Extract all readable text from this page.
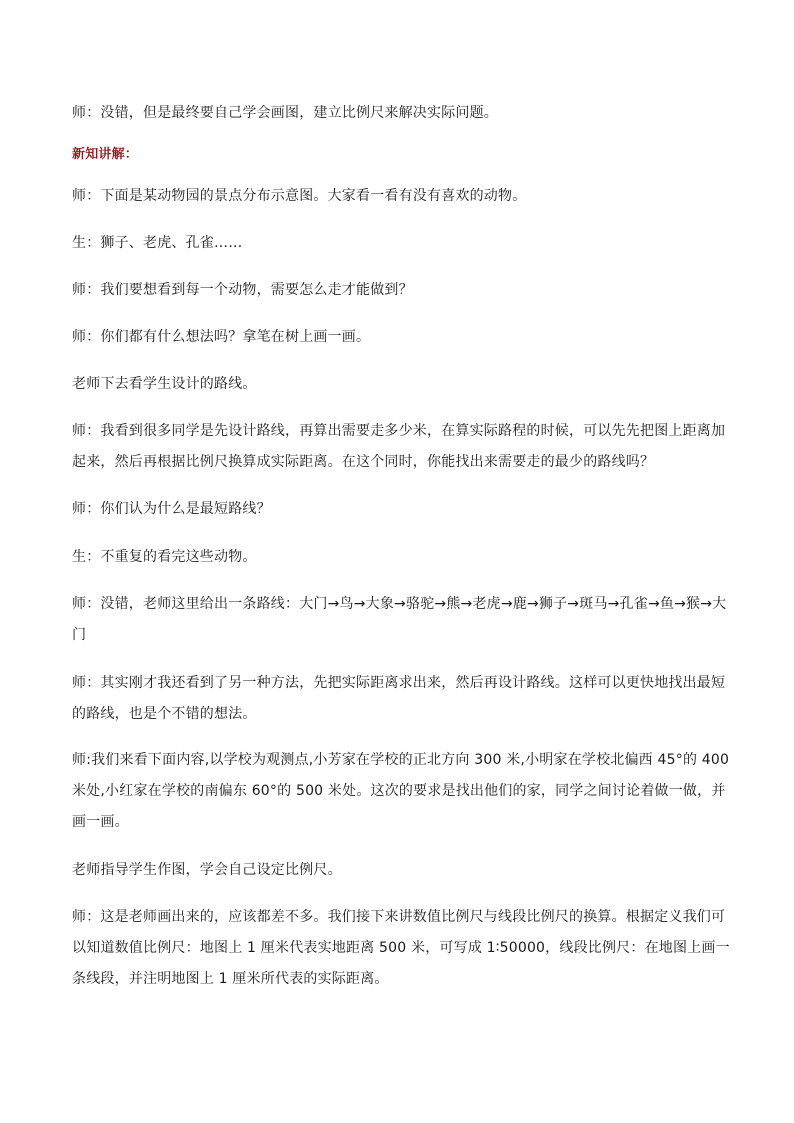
师：没错，但是最终要自己学会画图，建立比例尺来解决实际问题。

新知讲解：

师：下面是某动物园的景点分布示意图。大家看一看有没有喜欢的动物。

生：狮子、老虎、孔雀……

师：我们要想看到每一个动物，需要怎么走才能做到？

师：你们都有什么想法吗？拿笔在树上画一画。

老师下去看学生设计的路线。

师：我看到很多同学是先设计路线，再算出需要走多少米，在算实际路程的时候，可以先先把图上距离加起来，然后再根据比例尺换算成实际距离。在这个同时，你能找出来需要走的最少的路线吗？

师：你们认为什么是最短路线？

生：不重复的看完这些动物。

师：没错，老师这里给出一条路线：大门→鸟→大象→骆驼→熊→老虎→鹿→狮子→斑马→孔雀→鱼→猴→大门

师：其实刚才我还看到了另一种方法，先把实际距离求出来，然后再设计路线。这样可以更快地找出最短的路线，也是个不错的想法。

师:我们来看下面内容,以学校为观测点,小芳家在学校的正北方向 300 米,小明家在学校北偏西 45°的 400 米处,小红家在学校的南偏东 60°的 500 米处。这次的要求是找出他们的家，同学之间讨论着做一做，并画一画。

老师指导学生作图，学会自己设定比例尺。

师：这是老师画出来的，应该都差不多。我们接下来讲数值比例尺与线段比例尺的换算。根据定义我们可以知道数值比例尺：地图上 1 厘米代表实地距离 500 米，可写成 1∶50000，线段比例尺：在地图上画一条线段，并注明地图上 1 厘米所代表的实际距离。
